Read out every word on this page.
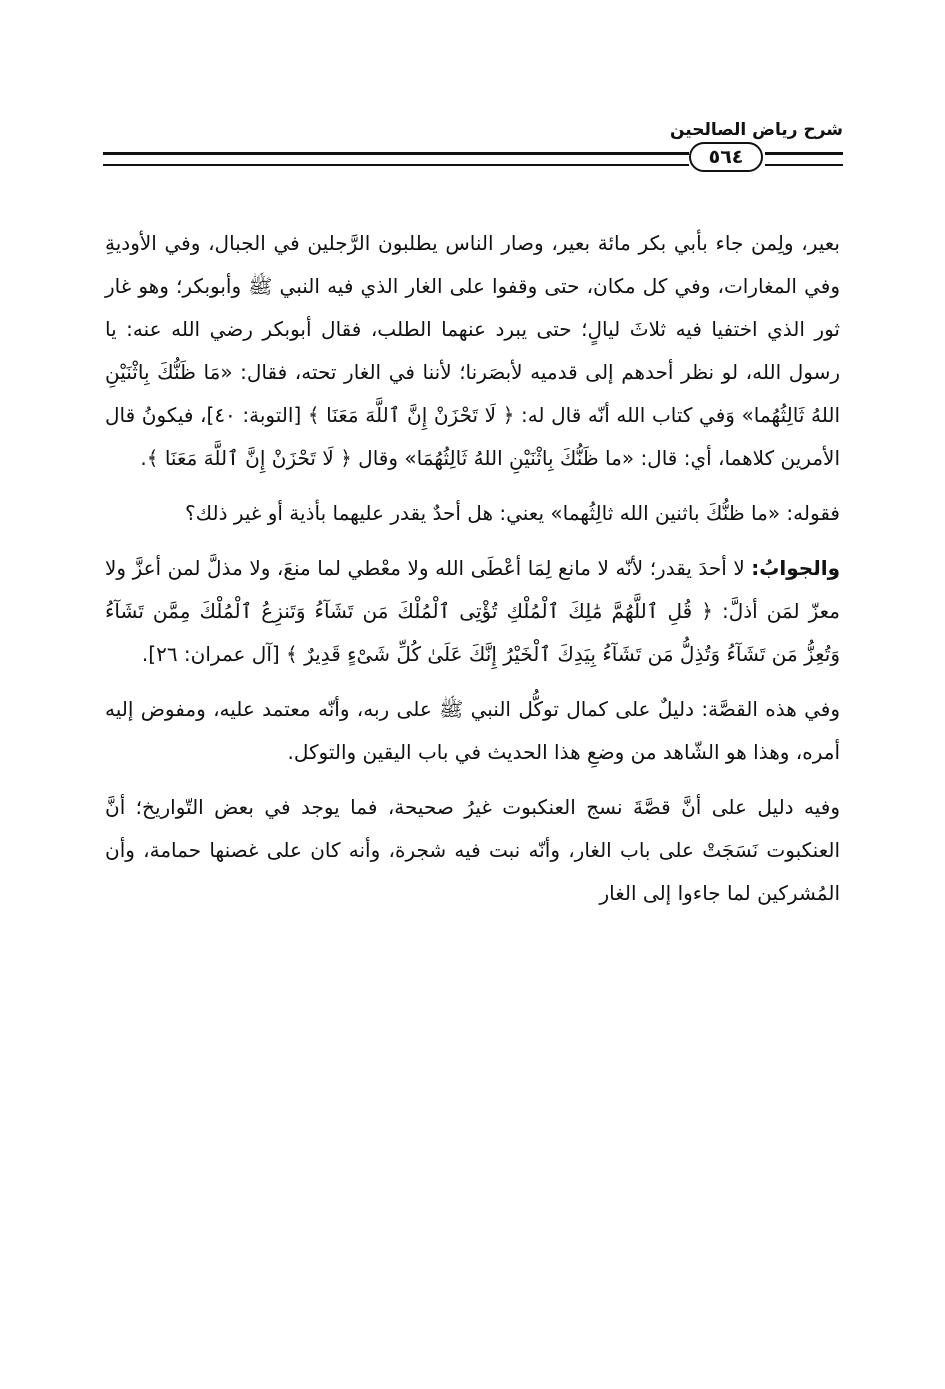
شرح رياض الصالحين
٥٦٤

بعير، ولِمن جاء بأبي بكر مائة بعير، وصار الناس يطلبون الرَّجلين في الجبال، وفي الأوديةِ وفي المغارات، وفي كل مكان، حتى وقفوا على الغار الذي فيه النبي ﷺ وأبوبكر؛ وهو غار ثور الذي اختفيا فيه ثلاثَ ليالٍ؛ حتى يبرد عنهما الطلب، فقال أبوبكر رضي الله عنه: يا رسول الله، لو نظر أحدهم إلى قدميه لأبصَرنا؛ لأننا في الغار تحته، فقال: «مَا ظَنُّكَ بِاثْنَيْنِ اللهُ ثَالِثُهُما» وَفي كتاب الله أنّه قال له: ﴿ لَا تَحْزَنْ إِنَّ ٱللَّهَ مَعَنَا ﴾ [التوبة: ٤٠]، فيكونُ قال الأمرين كلاهما، أي: قال: «ما ظَنُّكَ بِاثْنَيْنِ اللهُ ثَالِثُهُمَا» وقال ﴿ لَا تَحْزَنْ إِنَّ ٱللَّهَ مَعَنَا ﴾.

فقوله: «ما ظنُّكَ باثنين الله ثالِثُهما» يعني: هل أحدٌ يقدر عليهما بأذية أو غير ذلك؟

والجوابُ: لا أحدَ يقدر؛ لأنّه لا مانع لِمَا أعْطَى الله ولا معْطي لما منعَ، ولا مذلَّ لمن أعزَّ ولا معزّ لمَن أذلَّ: ﴿ قُلِ ٱللَّهُمَّ مَٰلِكَ ٱلْمُلْكِ تُؤْتِى ٱلْمُلْكَ مَن تَشَآءُ وَتَنزِعُ ٱلْمُلْكَ مِمَّن تَشَآءُ وَتُعِزُّ مَن تَشَآءُ وَتُذِلُّ مَن تَشَآءُ بِيَدِكَ ٱلْخَيْرُ إِنَّكَ عَلَىٰ كُلِّ شَىْءٍ قَدِيرٌ ﴾ [آل عمران: ٢٦].

وفي هذه القصَّة: دليلٌ على كمال توكُّل النبي ﷺ على ربه، وأنّه معتمد عليه، ومفوض إليه أمره، وهذا هو الشّاهد من وضعِ هذا الحديث في باب اليقين والتوكل.

وفيه دليل على أنَّ قصَّةَ نسج العنكبوت غيرُ صحيحة، فما يوجد في بعض التّواريخ؛ أنَّ العنكبوت نَسَجَتْ على باب الغار، وأنّه نبت فيه شجرة، وأنه كان على غصنها حمامة، وأن المُشركين لما جاءوا إلى الغار
